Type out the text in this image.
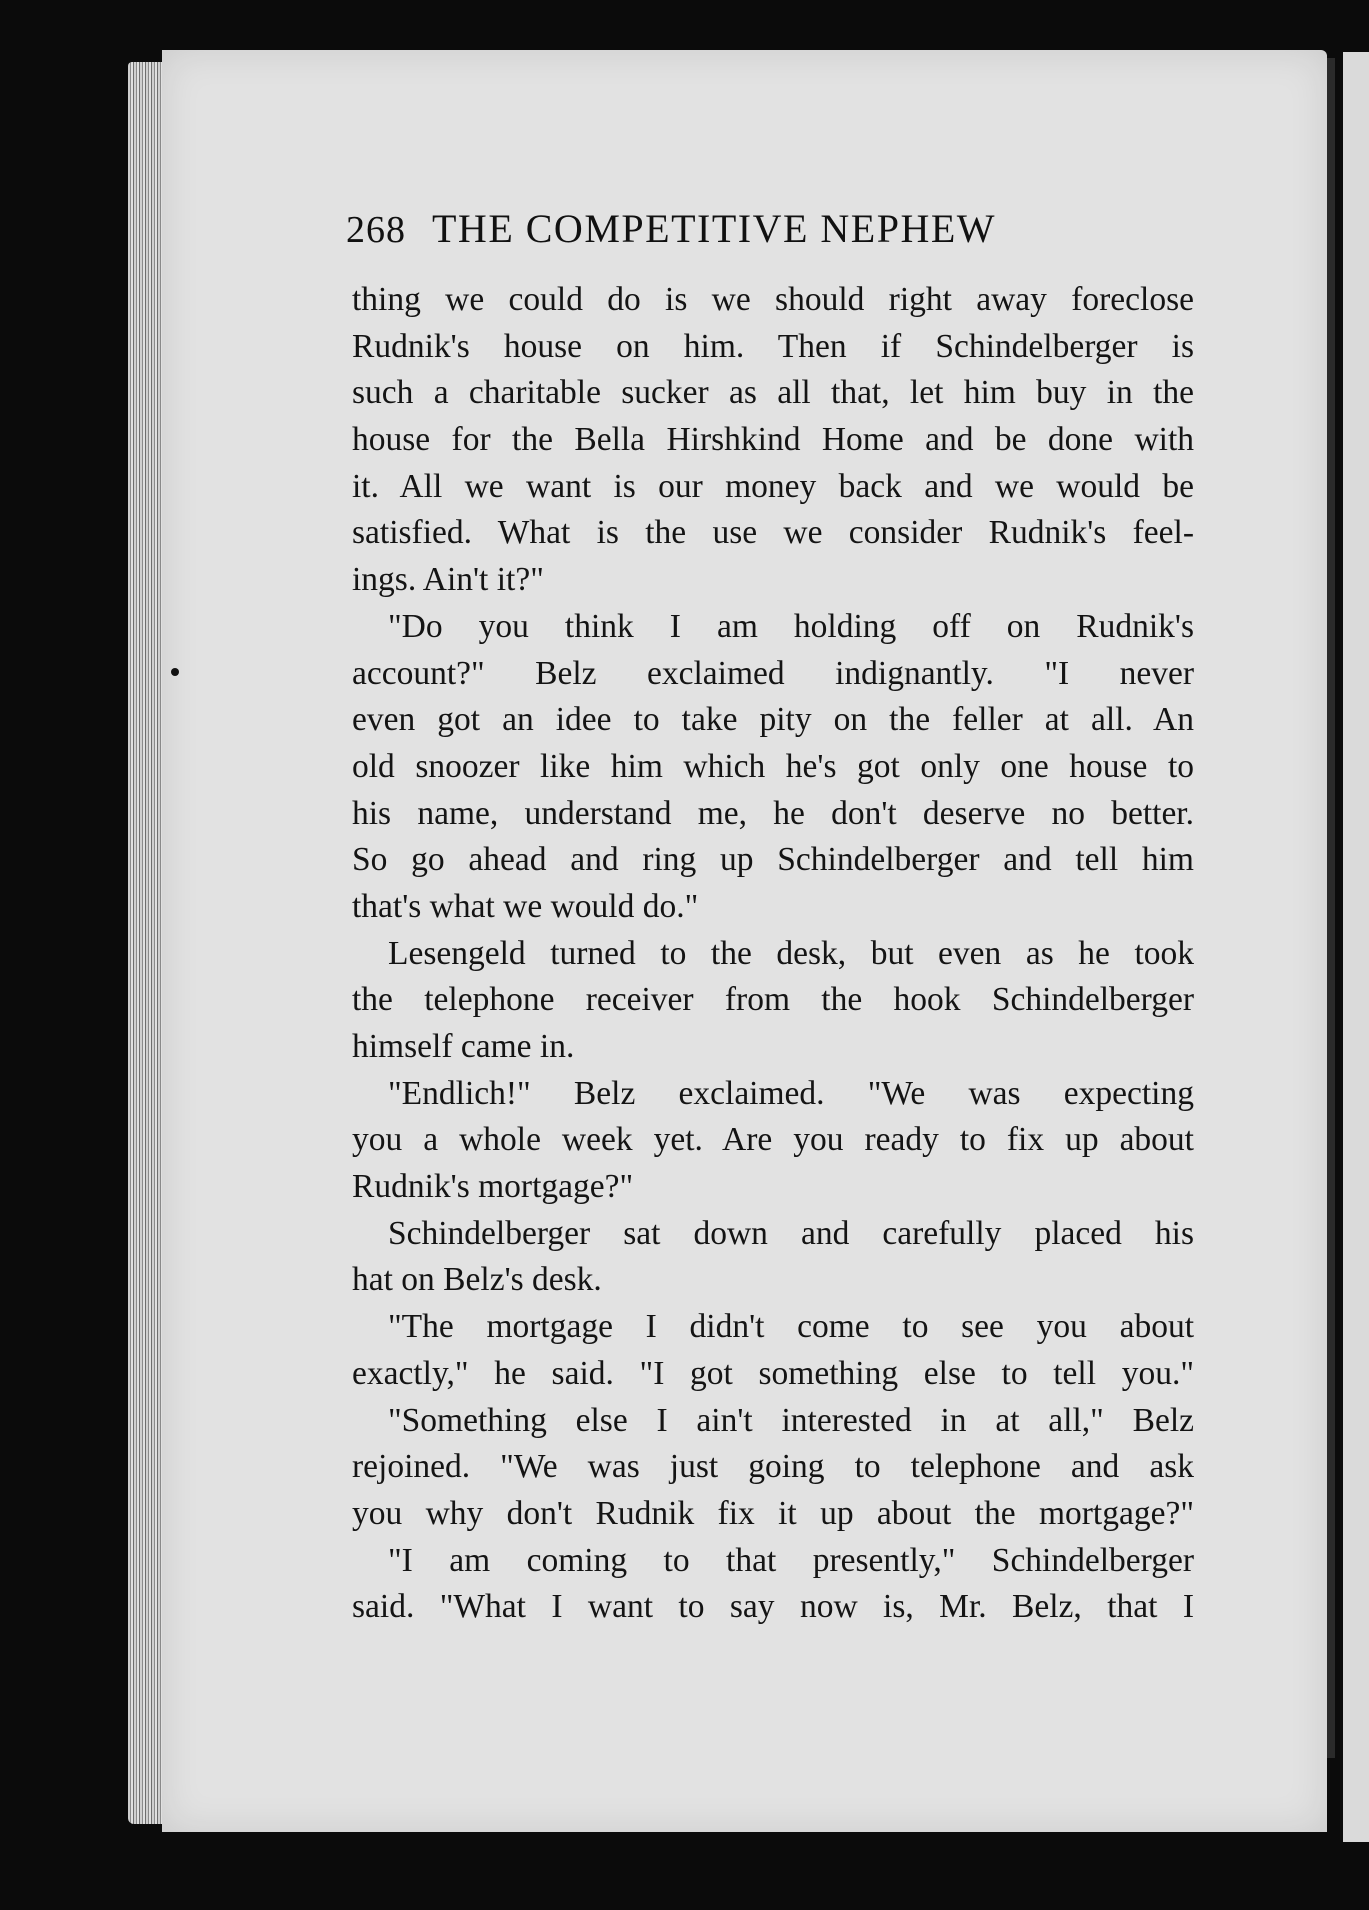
268 THE COMPETITIVE NEPHEW
thing we could do is we should right away foreclose
Rudnik's house on him. Then if Schindelberger is
such a charitable sucker as all that, let him buy in the
house for the Bella Hirshkind Home and be done with
it. All we want is our money back and we would be
satisfied. What is the use we consider Rudnik's feel-
ings. Ain't it?"
"Do you think I am holding off on Rudnik's
account?" Belz exclaimed indignantly. "I never
even got an idee to take pity on the feller at all. An
old snoozer like him which he's got only one house to
his name, understand me, he don't deserve no better.
So go ahead and ring up Schindelberger and tell him
that's what we would do."
Lesengeld turned to the desk, but even as he took
the telephone receiver from the hook Schindelberger
himself came in.
"Endlich!" Belz exclaimed. "We was expecting
you a whole week yet. Are you ready to fix up about
Rudnik's mortgage?"
Schindelberger sat down and carefully placed his
hat on Belz's desk.
"The mortgage I didn't come to see you about
exactly," he said. "I got something else to tell you."
"Something else I ain't interested in at all," Belz
rejoined. "We was just going to telephone and ask
you why don't Rudnik fix it up about the mortgage?"
"I am coming to that presently," Schindelberger
said. "What I want to say now is, Mr. Belz, that I
